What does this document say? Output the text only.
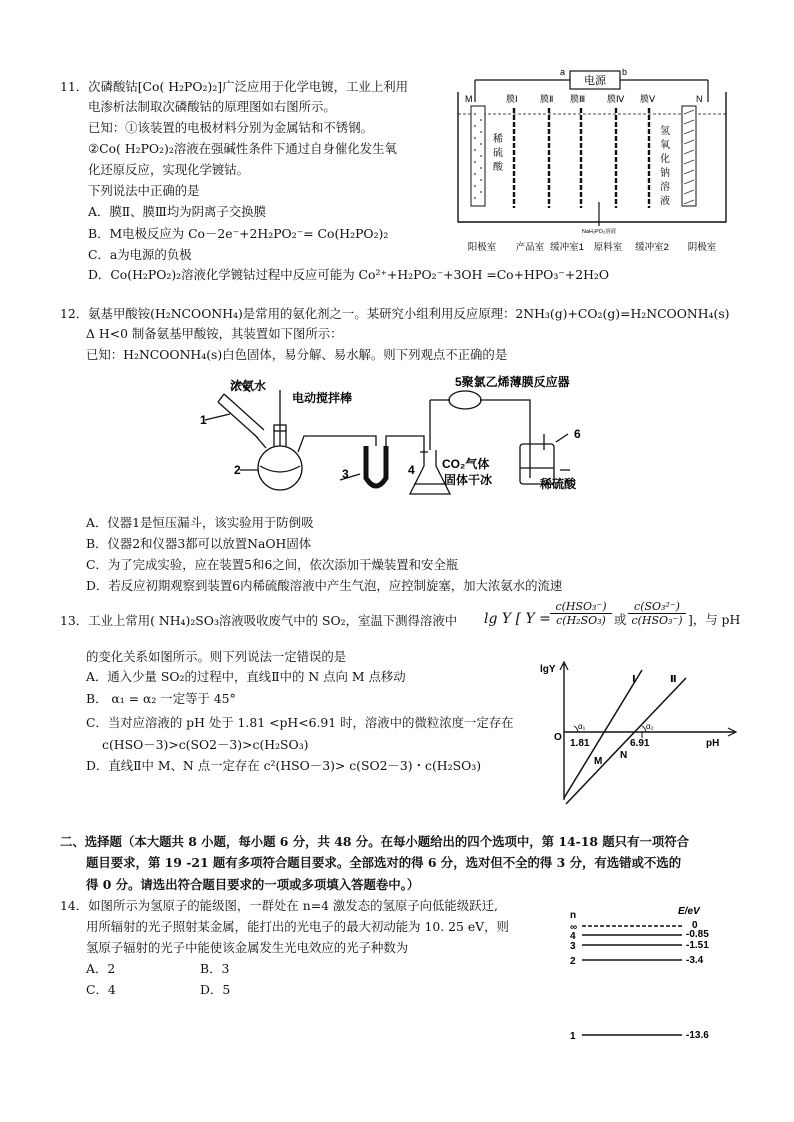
11．次磷酸钴[Co( H₂PO₂)₂]广泛应用于化学电镀，工业上利用
电渗析法制取次磷酸钴的原理图如右图所示。
已知：①该装置的电极材料分别为金属钴和不锈钢。
②Co( H₂PO₂)₂溶液在强碱性条件下通过自身催化发生氧
化还原反应，实现化学镀钴。
下列说法中正确的是
A．膜Ⅱ、膜Ⅲ均为阴离子交换膜
B．M电极反应为 Co－2e⁻+2H₂PO₂⁻= Co(H₂PO₂)₂
C．a为电源的负极
D．Co(H₂PO₂)₂溶液化学镀钴过程中反应可能为 Co²⁺+H₂PO₂⁻+3OH =Co+HPO₃⁻+2H₂O
电源
a	b
M	N
膜Ⅰ 膜Ⅱ 膜Ⅲ 膜Ⅳ 膜Ⅴ
稀
硫
酸
氢
氧
化
钠
溶
液
NaH₂PO₂溶液
阳极室 产品室 缓冲室1 原料室 缓冲室2 阴极室
12．氨基甲酸铵(H₂NCOONH₄)是常用的氨化剂之一。某研究小组利用反应原理：2NH₃(g)+CO₂(g)=H₂NCOONH₄(s)
Δ H<0 制备氨基甲酸铵，其装置如下图所示：
已知：H₂NCOONH₄(s)白色固体，易分解、易水解。则下列观点不正确的是
浓氨水
电动搅拌棒
5聚氯乙烯薄膜反应器
CO₂气体
固体干冰	稀硫酸
1
2	3	4
6
A．仪器1是恒压漏斗，该实验用于防倒吸
B．仪器2和仪器3都可以放置NaOH固体
C．为了完成实验，应在装置5和6之间，依次添加干燥装置和安全瓶
D．若反应初期观察到装置6内稀硫酸溶液中产生气泡，应控制旋塞，加大浓氨水的流速
13．工业上常用( NH₄)₂SO₃溶液吸收废气中的 SO₂，室温下测得溶液中 lg Y [ Y =
c(HSO₃⁻)
c(H₂SO₃) 或
c(SO₃²⁻)
c(HSO₃⁻) ]，与 pH
的变化关系如图所示。则下列说法一定错误的是
A．通入少量 SO₂的过程中，直线Ⅱ中的 N 点向 M 点移动
B． α₁ = α₂ 一定等于 45°
C．当对应溶液的 pH 处于 1.81 <pH<6.91 时，溶液中的微粒浓度一定存在
c(HSO－3)>c(SO2－3)>c(H₂SO₃)
D．直线Ⅱ中 M、N 点一定存在 c²(HSO－3)> c(SO2－3)・c(H₂SO₃)
lgY
pH
O
1.81	6.91
Ⅰ	Ⅱ
M
N
α₁	α₂
二、选择题（本大题共 8 小题，每小题 6 分，共 48 分。在每小题给出的四个选项中，第 14-18 题只有一项符合
题目要求，第 19 -21 题有多项符合题目要求。全部选对的得 6 分，选对但不全的得 3 分，有选错或不选的
得 0 分。请选出符合题目要求的一项或多项填入答题卷中。）
14．如图所示为氢原子的能级图，一群处在 n=4 激发态的氢原子向低能级跃迁,
用所辐射的光子照射某金属，能打出的光电子的最大初动能为 10. 25 eV，则
氢原子辐射的光子中能使该金属发生光电效应的光子种数为
A．2	B．3
C．4	D．5
n	E/eV
∞
4
3
2
1
0
-0.85
-1.51
-3.4
-13.6
